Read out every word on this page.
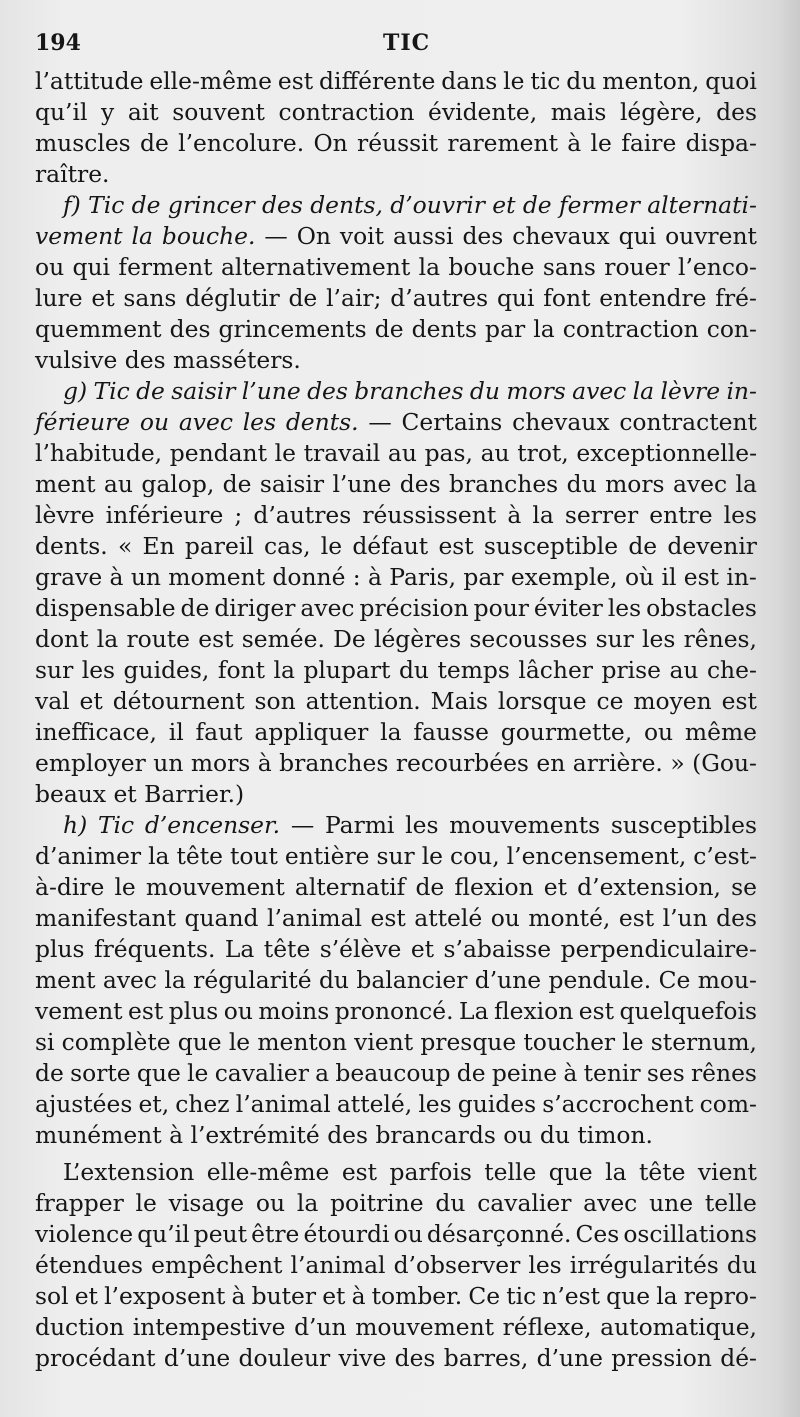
194	TIC
l’attitude elle-même est différente dans le tic du menton, quoi
qu’il y ait souvent contraction évidente, mais légère, des
muscles de l’encolure. On réussit rarement à le faire dispa-
raître.

f) Tic de grincer des dents, d’ouvrir et de fermer alternati-
vement la bouche. — On voit aussi des chevaux qui ouvrent
ou qui ferment alternativement la bouche sans rouer l’enco-
lure et sans déglutir de l’air; d’autres qui font entendre fré-
quemment des grincements de dents par la contraction con-
vulsive
des
masséters.

g) Tic de saisir l’une des branches du mors avec la lèvre in-
férieure ou avec les dents. — Certains chevaux contractent
l’habitude, pendant le travail au pas, au trot, exceptionnelle-
ment au galop, de saisir l’une des branches du mors avec la
lèvre inférieure ; d’autres réussissent à la serrer entre les
dents. « En pareil cas, le défaut est susceptible de devenir
grave à un moment donné : à Paris, par exemple, où il est in-
dispensable de diriger avec précision pour éviter les obstacles
dont la route est semée. De légères secousses sur les rênes,
sur les guides, font la plupart du temps lâcher prise au che-
val et détournent son attention. Mais lorsque ce moyen est
inefficace, il faut appliquer la fausse gourmette, ou même
employer un mors à branches recourbées en arrière. » (Gou-
beaux
et
Barrier.)

h) Tic d’encenser. — Parmi les mouvements susceptibles
d’animer la tête tout entière sur le cou, l’encensement, c’est-
à-dire le mouvement alternatif de flexion et d’extension, se
manifestant quand l’animal est attelé ou monté, est l’un des
plus fréquents. La tête s’élève et s’abaisse perpendiculaire-
ment avec la régularité du balancier d’une pendule. Ce mou-
vement est plus ou moins prononcé. La flexion est quelquefois
si complète que le menton vient presque toucher le sternum,
de sorte que le cavalier a beaucoup de peine à tenir ses rênes
ajustées et, chez l’animal attelé, les guides s’accrochent com-
munément
à
l’extrémité
des
brancards
ou
du
timon.

L’extension elle-même est parfois telle que la tête vient
frapper le visage ou la poitrine du cavalier avec une telle
violence qu’il peut être étourdi ou désarçonné. Ces oscillations
étendues empêchent l’animal d’observer les irrégularités du
sol et l’exposent à buter et à tomber. Ce tic n’est que la repro-
duction intempestive d’un mouvement réflexe, automatique,
procédant d’une douleur vive des barres, d’une pression dé-
